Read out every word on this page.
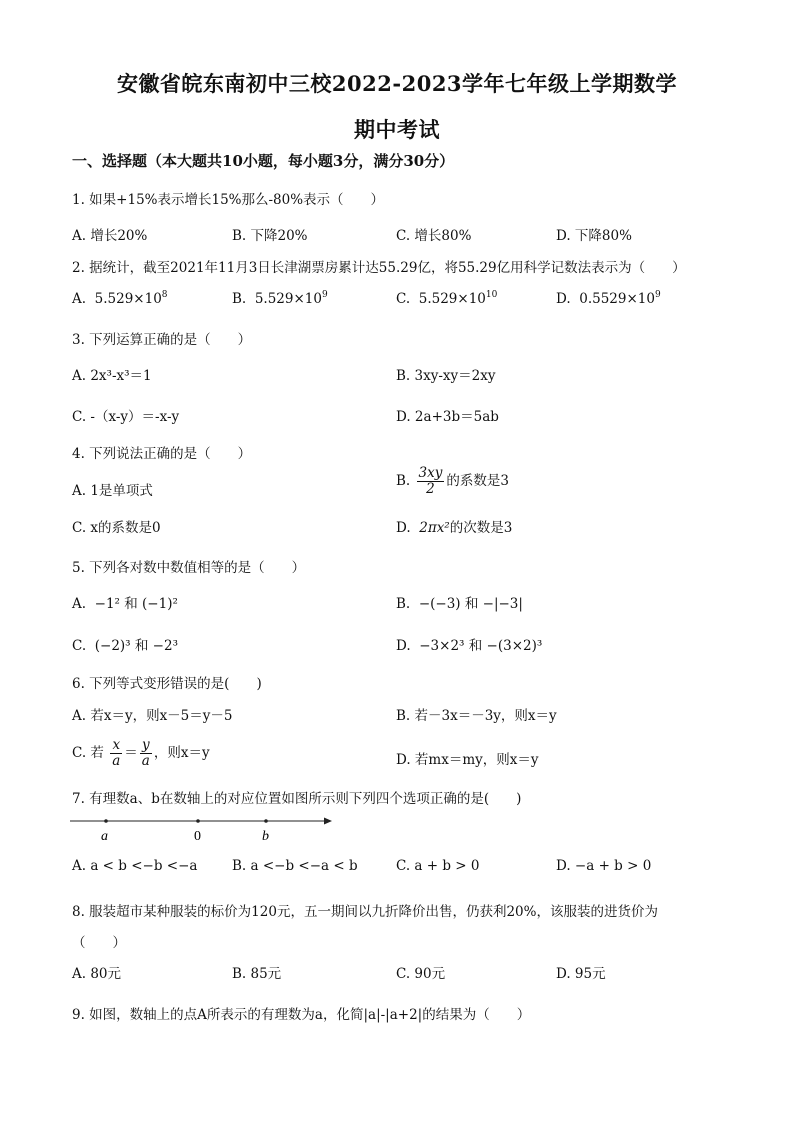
安徽省皖东南初中三校2022-2023学年七年级上学期数学
期中考试
一、选择题（本大题共10小题，每小题3分，满分30分）
1. 如果+15%表示增长15%那么-80%表示（　　）
A. 增长20%	B. 下降20%	C. 增长80%	D. 下降80%
2. 据统计，截至2021年11月3日长津湖票房累计达55.29亿，将55.29亿用科学记数法表示为（　　）
A. $5.529\times 10^8$	B. $5.529\times 10^9$	C. $5.529\times 10^{10}$	D. $0.5529\times 10^9$
3. 下列运算正确的是（　　）
A. 2x³-x³＝1	B. 3xy-xy＝2xy
C. -（x-y）＝-x-y	D. 2a+3b＝5ab
4. 下列说法正确的是（　　）
A. 1是单项式
B. $\frac{3xy}{2}$ 的系数是3
C. x的系数是0	D. 2πx²的次数是3
5. 下列各对数中数值相等的是（　　）
A. −1² 和 (−1)²	B. −(−3) 和 −|−3|
C. (−2)³ 和 −2³	D. −3×2³ 和 −(3×2)³
6. 下列等式变形错误的是(　　)
A. 若x＝y，则x－5＝y－5	B. 若－3x＝－3y，则x＝y
C. 若 $\frac{x}{a} = \frac{y}{a}$ ，则x＝y	D. 若mx＝my，则x＝y
7. 有理数a、b在数轴上的对应位置如图所示则下列四个选项正确的是(　　)
a	0	b
A. a < b <−b <−a	B. a <−b <−a < b	C. a + b > 0	D. −a + b > 0
8. 服装超市某种服装的标价为120元，五一期间以九折降价出售，仍获利20%，该服装的进货价为
（　　）
A. 80元	B. 85元	C. 90元	D. 95元
9. 如图，数轴上的点A所表示的有理数为a，化简|a|-|a+2|的结果为（　　）
